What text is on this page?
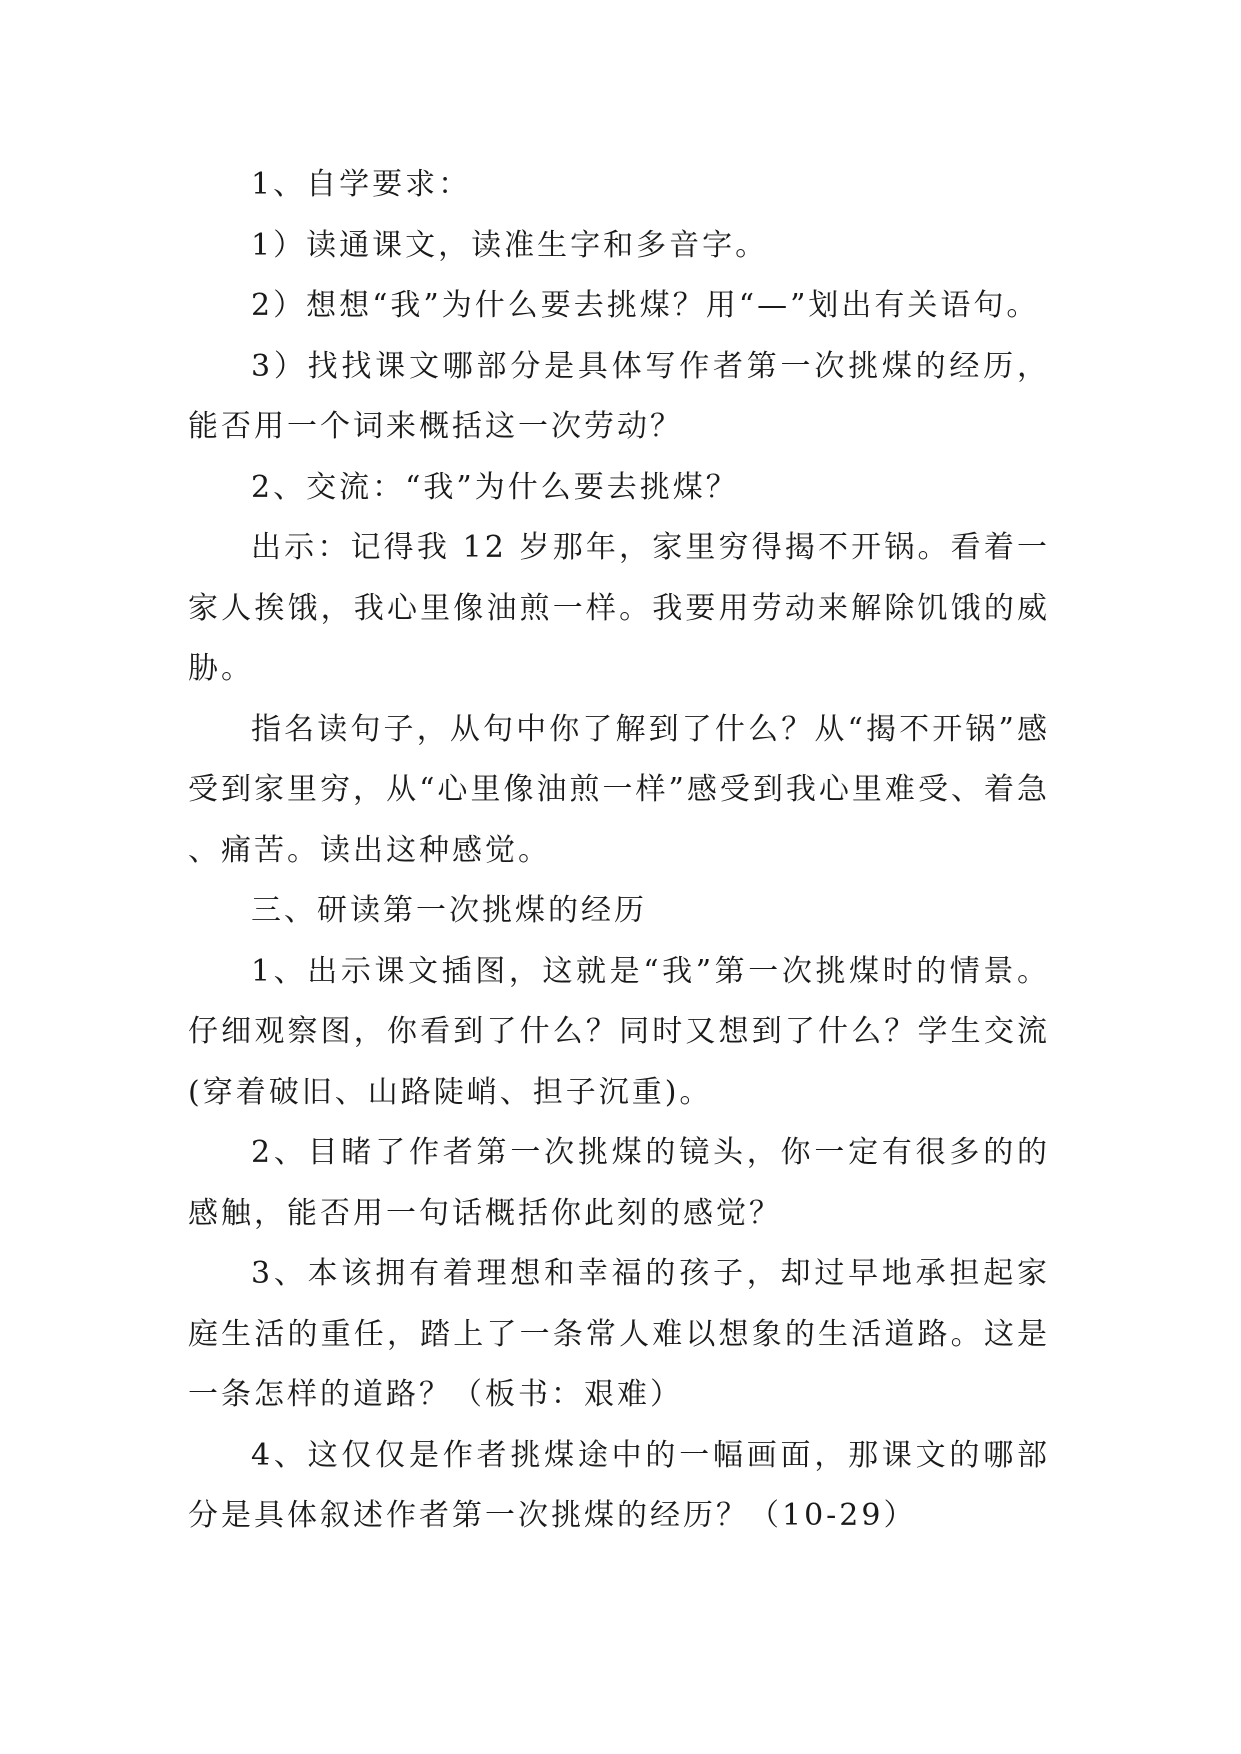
1、自学要求：

1）读通课文，读准生字和多音字。

2）想想“我”为什么要去挑煤？用“—”划出有关语句。

3）找找课文哪部分是具体写作者第一次挑煤的经历，能否用一个词来概括这一次劳动？

2、交流：“我”为什么要去挑煤？

出示：记得我 12 岁那年，家里穷得揭不开锅。看着一家人挨饿，我心里像油煎一样。我要用劳动来解除饥饿的威胁。

指名读句子，从句中你了解到了什么？从“揭不开锅”感受到家里穷，从“心里像油煎一样”感受到我心里难受、着急、痛苦。读出这种感觉。

三、研读第一次挑煤的经历

1、出示课文插图，这就是“我”第一次挑煤时的情景。仔细观察图，你看到了什么？同时又想到了什么？学生交流(穿着破旧、山路陡峭、担子沉重)。

2、目睹了作者第一次挑煤的镜头，你一定有很多的的感触，能否用一句话概括你此刻的感觉？

3、本该拥有着理想和幸福的孩子，却过早地承担起家庭生活的重任，踏上了一条常人难以想象的生活道路。这是一条怎样的道路？（板书：艰难）

4、这仅仅是作者挑煤途中的一幅画面，那课文的哪部分是具体叙述作者第一次挑煤的经历？（10-29）
